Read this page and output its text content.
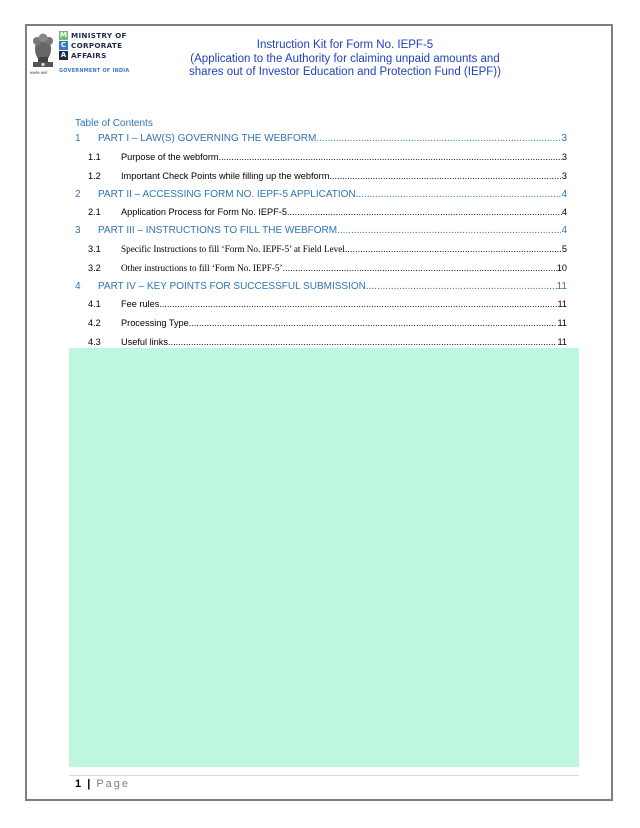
सत्यमेव जयते
M MINISTRY OF
C CORPORATE
A AFFAIRS
GOVERNMENT OF INDIA
Instruction Kit for Form No. IEPF-5
(Application to the Authority for claiming unpaid amounts and
shares out of Investor Education and Protection Fund (IEPF))
Table of Contents
1	PART I – LAW(S) GOVERNING THE WEBFORM .....	3
1.1	Purpose of the webform .....	3
1.2	Important Check Points while filling up the webform .....	3
2	PART II – ACCESSING FORM NO. IEPF-5 APPLICATION .....	4
2.1	Application Process for Form No. IEPF-5 .....	4
3	PART III – INSTRUCTIONS TO FILL THE WEBFORM .....	4
3.1	Specific Instructions to fill ‘Form No. IEPF-5’ at Field Level .....	5
3.2	Other instructions to fill ‘Form No. IEPF-5’ .....	10
4	PART IV – KEY POINTS FOR SUCCESSFUL SUBMISSION .....	11
4.1	Fee rules .....	11
4.2	Processing Type .....	11
4.3	Useful links .....	11
1 | Page
